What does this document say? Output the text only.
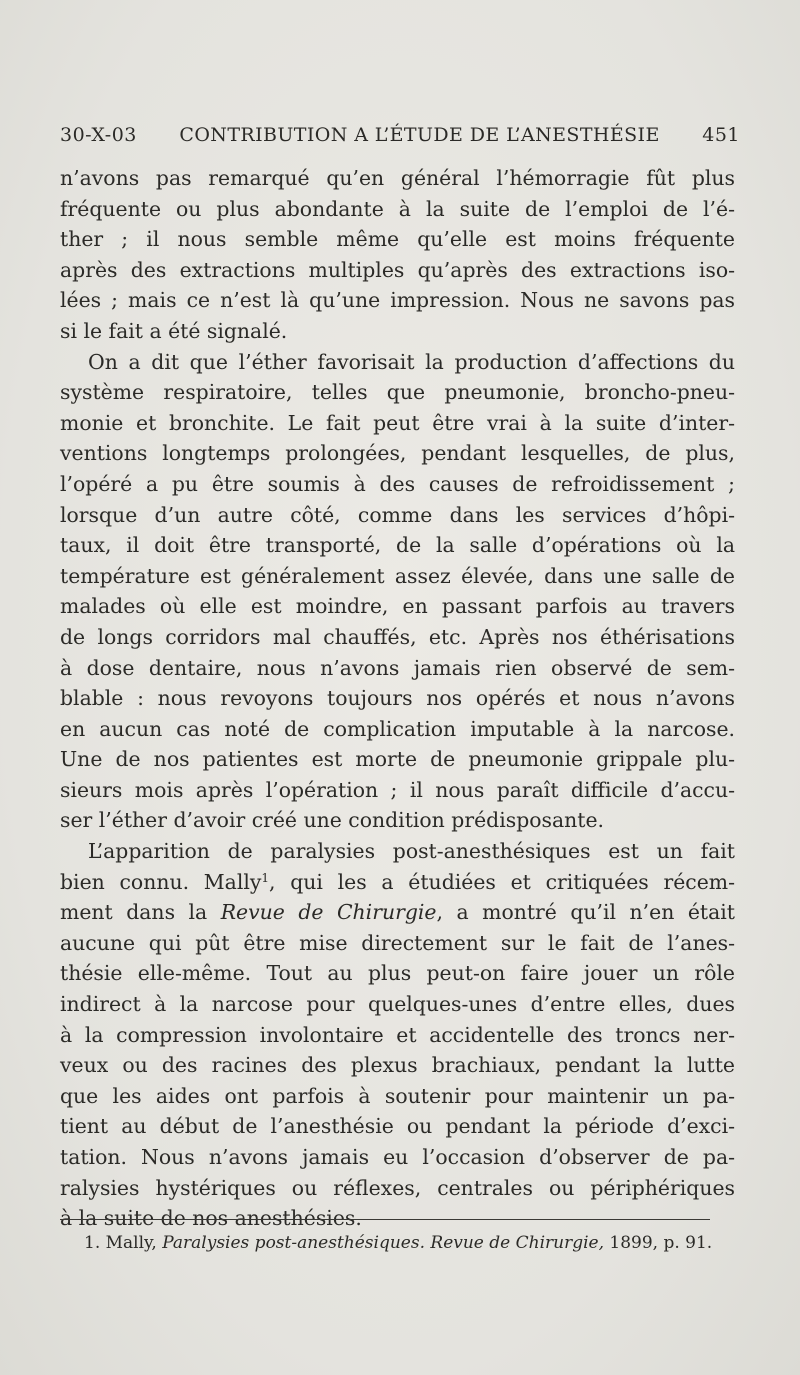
30-X-03 CONTRIBUTION A L’ÉTUDE DE L’ANESTHÉSIE 451

n’avons pas remarqué qu’en général l’hémorragie fût plus
fréquente ou plus abondante à la suite de l’emploi de l’é-
ther ; il nous semble même qu’elle est moins fréquente
après des extractions multiples qu’après des extractions iso-
lées ; mais ce n’est là qu’une impression. Nous ne savons pas
si le fait a été signalé.

On a dit que l’éther favorisait la production d’affections du
système respiratoire, telles que pneumonie, broncho-pneu-
monie et bronchite. Le fait peut être vrai à la suite d’inter-
ventions longtemps prolongées, pendant lesquelles, de plus,
l’opéré a pu être soumis à des causes de refroidissement ;
lorsque d’un autre côté, comme dans les services d’hôpi-
taux, il doit être transporté, de la salle d’opérations où la
température est généralement assez élevée, dans une salle de
malades où elle est moindre, en passant parfois au travers
de longs corridors mal chauffés, etc. Après nos éthérisations
à dose dentaire, nous n’avons jamais rien observé de sem-
blable : nous revoyons toujours nos opérés et nous n’avons
en aucun cas noté de complication imputable à la narcose.
Une de nos patientes est morte de pneumonie grippale plu-
sieurs mois après l’opération ; il nous paraît difficile d’accu-
ser l’éther d’avoir créé une condition prédisposante.

L’apparition de paralysies post-anesthésiques est un fait
bien connu. Mally$^1$, qui les a étudiées et critiquées récem-
ment dans la Revue de Chirurgie, a montré qu’il n’en était
aucune qui pût être mise directement sur le fait de l’anes-
thésie elle-même. Tout au plus peut-on faire jouer un rôle
indirect à la narcose pour quelques-unes d’entre elles, dues
à la compression involontaire et accidentelle des troncs ner-
veux ou des racines des plexus brachiaux, pendant la lutte
que les aides ont parfois à soutenir pour maintenir un pa-
tient au début de l’anesthésie ou pendant la période d’exci-
tation. Nous n’avons jamais eu l’occasion d’observer de pa-
ralysies hystériques ou réflexes, centrales ou périphériques
à la suite de nos anesthésies.

1. Mally, Paralysies post-anesthésiques. Revue de Chirurgie, 1899, p. 91.
